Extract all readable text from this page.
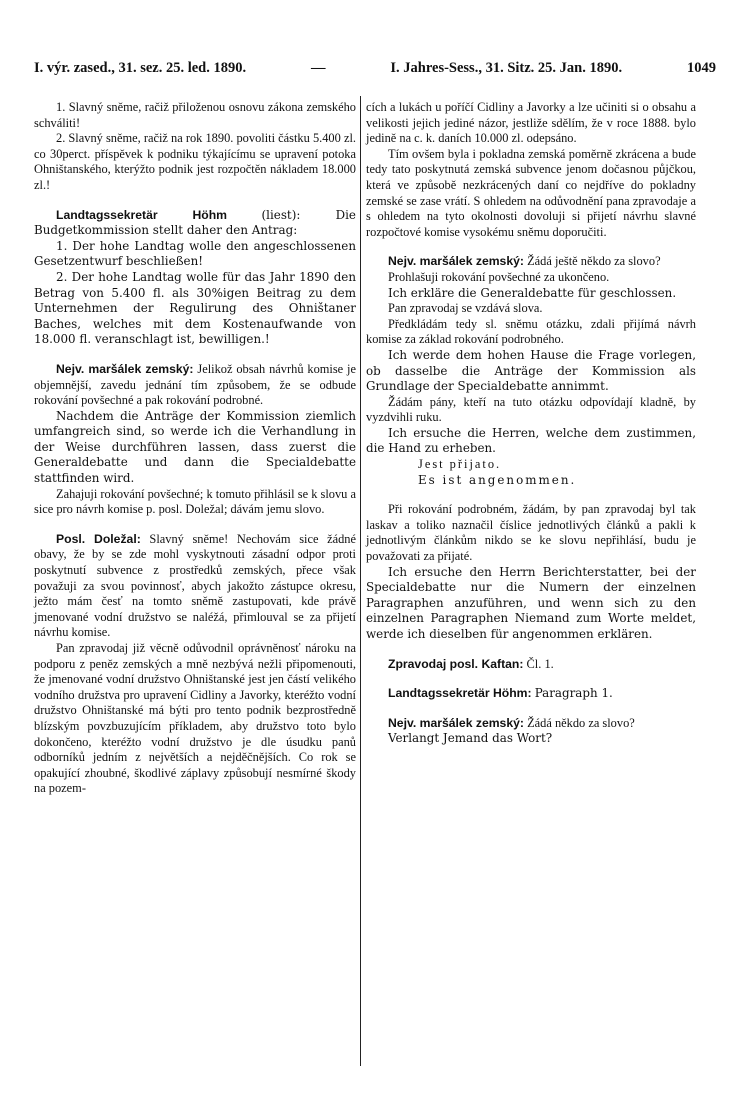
I. výr. zased., 31. sez. 25. led. 1890.	—	I. Jahres-Sess., 31. Sitz. 25. Jan. 1890.	1049

1. Slavný sněme, račiž přiloženou osnovu zákona zemského schváliti!

2. Slavný sněme, račiž na rok 1890. povoliti částku 5.400 zl. co 30perct. příspěvek k podniku týkajícímu se upravení potoka Ohništanského, kterýžto podnik jest rozpočtěn nákladem 18.000 zl.!

Landtagssekretär Höhm	(liest): Die Budgetkommission stellt daher den Antrag:

1. Der hohe Landtag wolle den angeschlossenen Gesetzentwurf beschließen!

2. Der hohe Landtag wolle für das Jahr 1890 den Betrag von 5.400 fl. als 30%igen Beitrag zu dem Unternehmen der Regulirung des Ohništaner Baches, welches mit dem Kostenaufwande von 18.000 fl. veranschlagt ist, bewilligen.!

Nejv. maršálek zemský: Jelikož obsah návrhů komise je objemnější, zavedu jednání tím způsobem, že se odbude rokování povšechné a pak rokování podrobné.

Nachdem die Anträge der Kommission ziemlich umfangreich sind, so werde ich die Verhandlung in der Weise durchführen lassen, dass zuerst die Generaldebatte und dann die Specialdebatte stattfinden wird.

Zahajuji rokování povšechné; k tomuto přihlásil se k slovu a sice pro návrh komise p. posl. Doležal; dávám jemu slovo.

Posl. Doležal: Slavný sněme! Nechovám sice žádné obavy, že by se zde mohl vyskytnouti zásadní odpor proti poskytnutí subvence z prostředků zemských, přece však považuji za svou povinnosť, abych jakožto zástupce okresu, ježto mám česť na tomto sněmě zastupovati, kde právě jmenované vodní družstvo se naléžá, přimlouval se za přijetí návrhu komise.

Pan zpravodaj již věcně odůvodnil oprávněnosť nároku na podporu z peněz zemských a mně nezbývá nežli připomenouti, že jmenované vodní družstvo Ohništanské jest jen částí velikého vodního družstva pro upravení Cidliny a Javorky, kteréžto vodní družstvo Ohništanské má býti pro tento podnik bezprostředně blízským povzbuzujícím příkladem, aby družstvo toto bylo dokončeno, kteréžto vodní družstvo je dle úsudku panů odborníků jedním z největších a nejděčnějších. Co rok se opakující zhoubné, škodlivé záplavy způsobují nesmírné škody na pozem-

cích a lukách u poříčí Cidliny a Javorky a lze učiniti si o obsahu a velikosti jejich jediné názor, jestliže sdělím, že v roce 1888. bylo jedině na c. k. daních 10.000 zl. odepsáno.

Tím ovšem byla i pokladna zemská poměrně zkrácena a bude tedy tato poskytnutá zemská subvence jenom dočasnou půjčkou, která ve způsobě nezkrácených daní co nejdříve do pokladny zemské se zase vrátí. S ohledem na odůvodnění pana zpravodaje a s ohledem na tyto okolnosti dovoluji si přijetí návrhu slavné rozpočtové komise vysokému sněmu doporučiti.

Nejv. maršálek zemský: Žádá ještě někdo za slovo?

Prohlašuji rokování povšechné za ukončeno.

Ich erkläre die Generaldebatte für geschlossen.

Pan zpravodaj se vzdává slova.

Předkládám tedy sl. sněmu otázku, zdali přijímá návrh komise za základ rokování podrobného.

Ich werde dem hohen Hause die Frage vorlegen, ob dasselbe die Anträge der Kommission als Grundlage der Specialdebatte annimmt.

Žádám pány, kteří na tuto otázku odpovídají kladně, by vyzdvihli ruku.

Ich ersuche die Herren, welche dem zustimmen, die Hand zu erheben.

Jest přijato.

Es ist angenommen.

Při rokování podrobném, žádám, by pan zpravodaj byl tak laskav a toliko naznačil číslice jednotlivých článků a pakli k jednotlivým článkům nikdo se ke slovu nepřihlásí, budu je považovati za přijaté.

Ich ersuche den Herrn Berichterstatter, bei der Specialdebatte nur die Numern der einzelnen Paragraphen anzuführen, und wenn sich zu den einzelnen Paragraphen Niemand zum Worte meldet, werde ich dieselben für angenommen erklären.

Zpravodaj posl. Kaftan: Čl. 1.

Landtagssekretär Höhm: Paragraph 1.

Nejv. maršálek zemský: Žádá někdo za slovo?

Verlangt Jemand das Wort?
